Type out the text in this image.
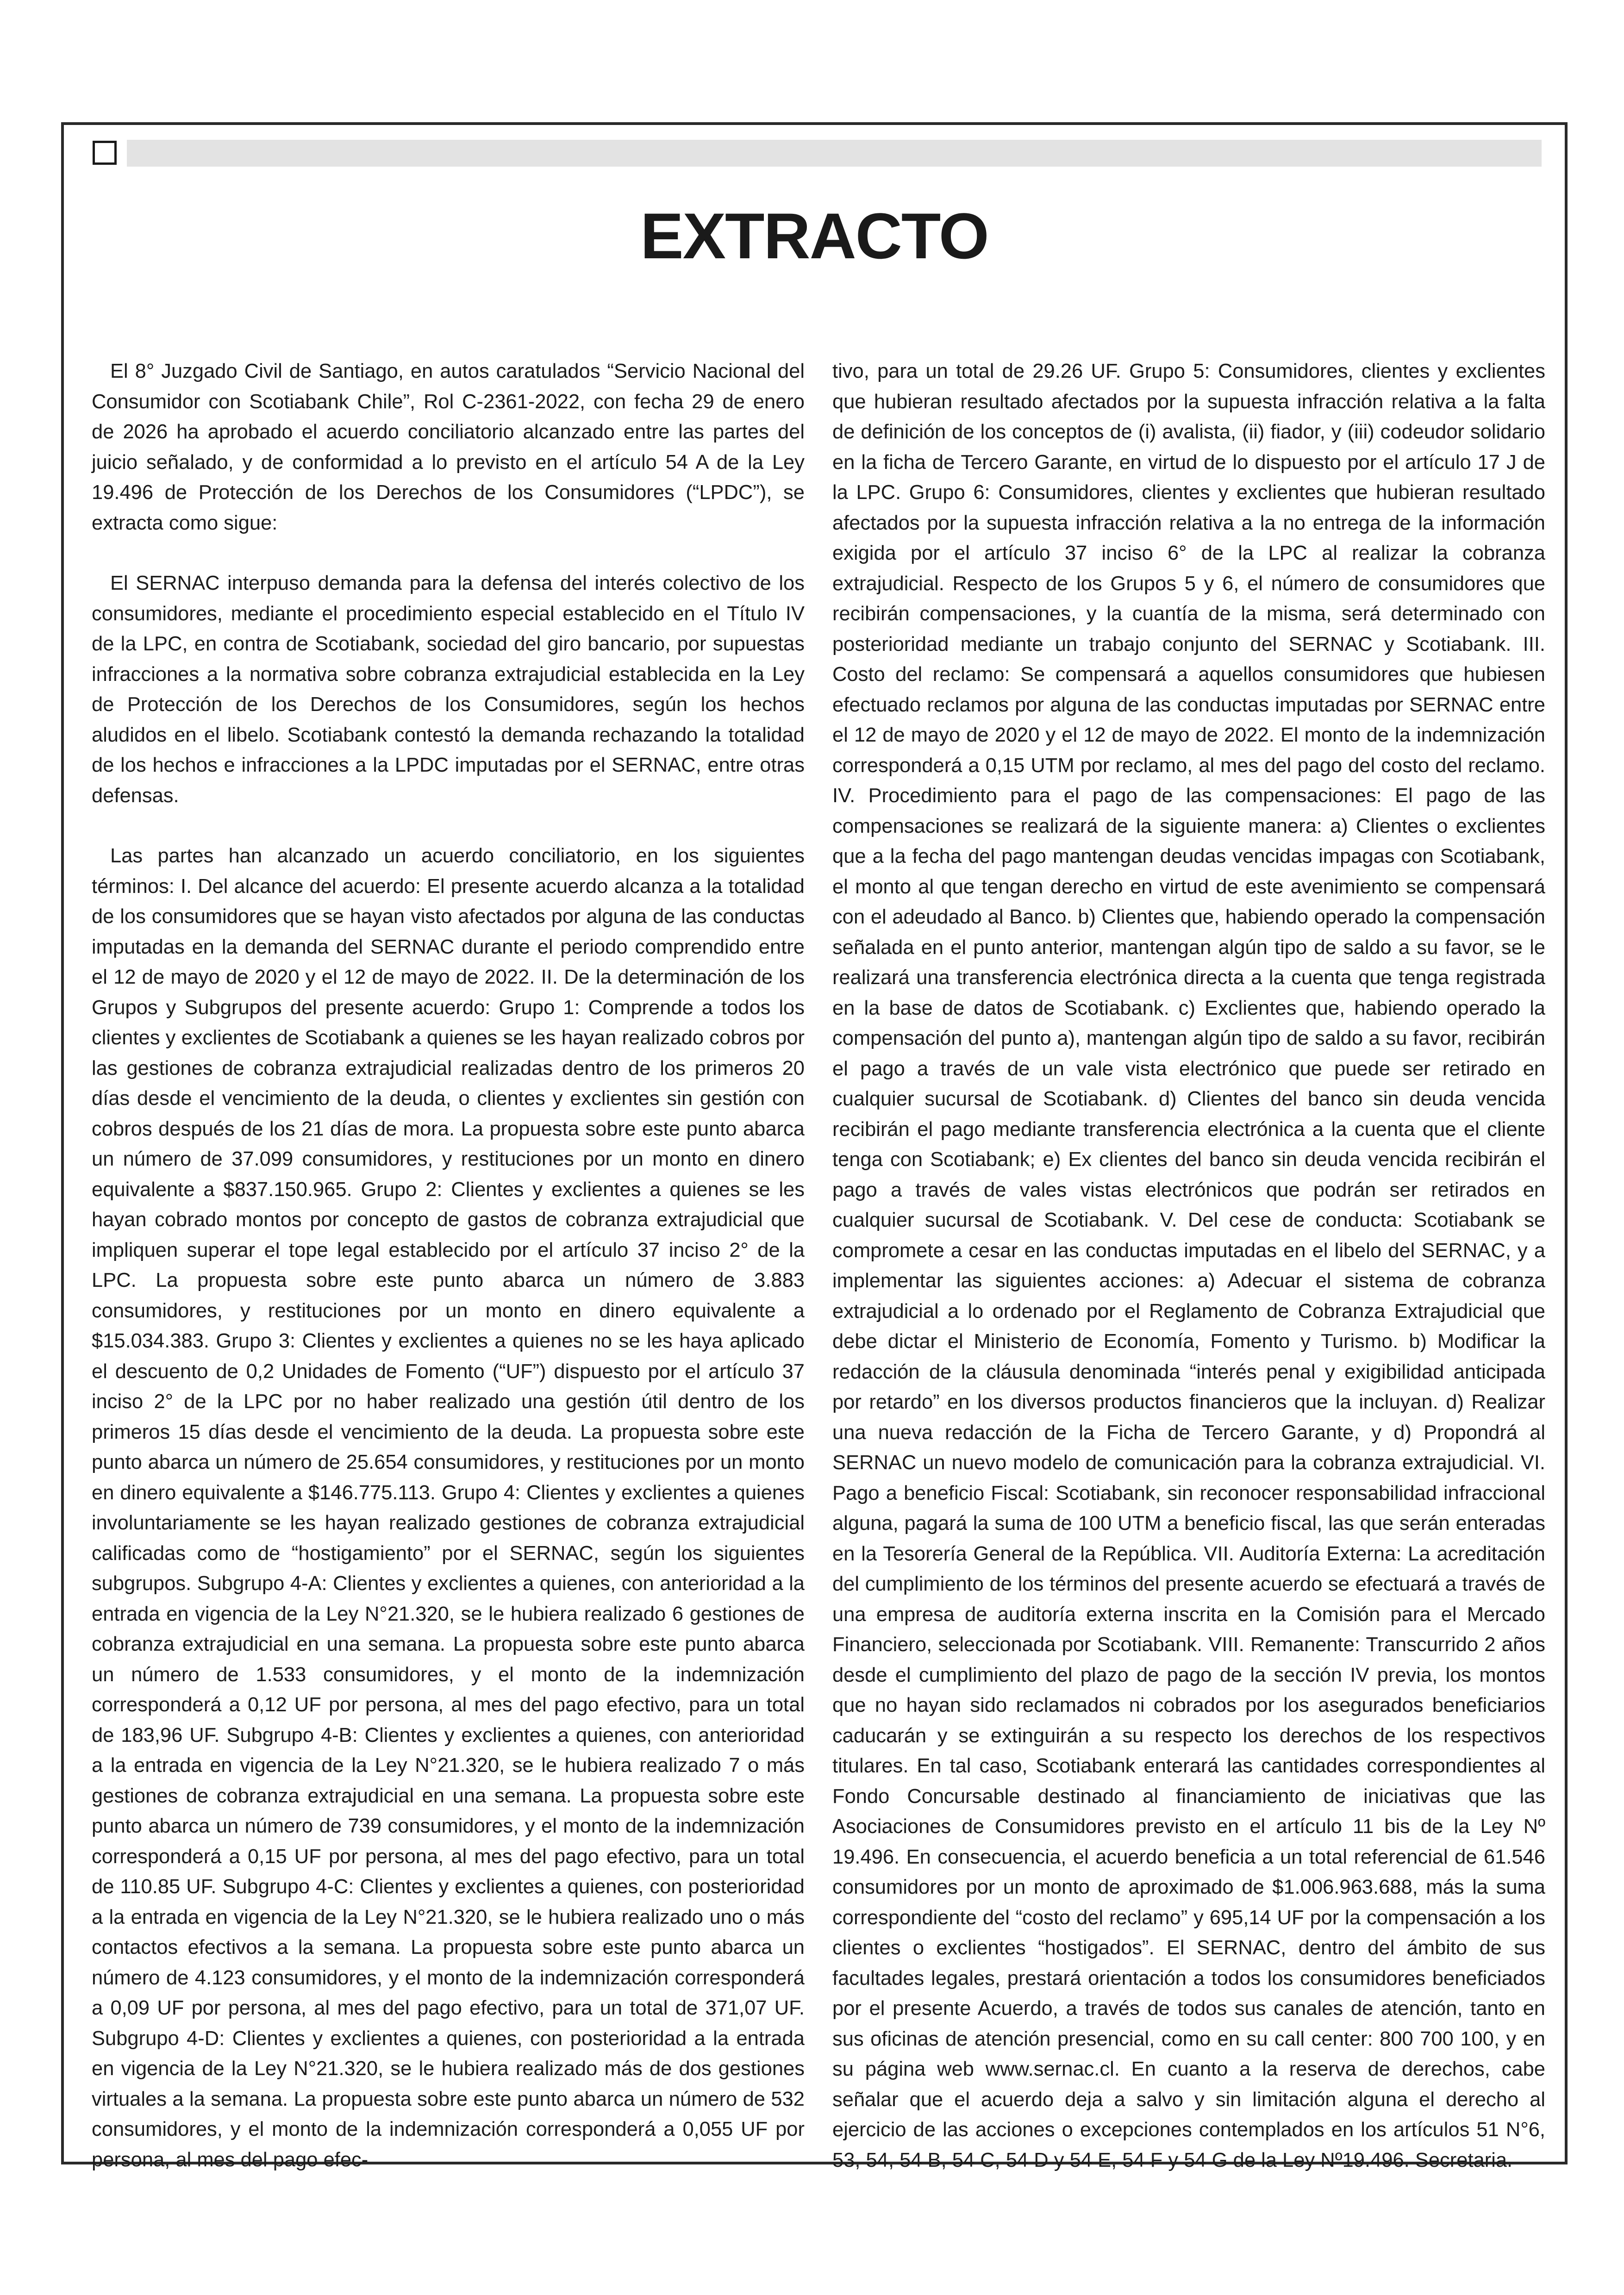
EXTRACTO

El 8° Juzgado Civil de Santiago, en autos caratulados “Servicio Nacional del Consumidor con Scotiabank Chile”, Rol C-2361-2022, con fecha 29 de enero de 2026 ha aprobado el acuerdo conciliatorio alcanzado entre las partes del juicio señalado, y de conformidad a lo previsto en el artículo 54 A de la Ley 19.496 de Protección de los Derechos de los Consumidores (“LPDC”), se extracta como sigue:

El SERNAC interpuso demanda para la defensa del interés colectivo de los consumidores, mediante el procedimiento especial establecido en el Título IV de la LPC, en contra de Scotiabank, sociedad del giro bancario, por supuestas infracciones a la normativa sobre cobranza extrajudicial establecida en la Ley de Protección de los Derechos de los Consumidores, según los hechos aludidos en el libelo. Scotiabank contestó la demanda rechazando la totalidad de los hechos e infracciones a la LPDC imputadas por el SERNAC, entre otras defensas.

Las partes han alcanzado un acuerdo conciliatorio, en los siguientes términos: I. Del alcance del acuerdo: El presente acuerdo alcanza a la totalidad de los consumidores que se hayan visto afectados por alguna de las conductas imputadas en la demanda del SERNAC durante el periodo comprendido entre el 12 de mayo de 2020 y el 12 de mayo de 2022. II. De la determinación de los Grupos y Subgrupos del presente acuerdo: Grupo 1: Comprende a todos los clientes y exclientes de Scotiabank a quienes se les hayan realizado cobros por las gestiones de cobranza extrajudicial realizadas dentro de los primeros 20 días desde el vencimiento de la deuda, o clientes y exclientes sin gestión con cobros después de los 21 días de mora. La propuesta sobre este punto abarca un número de 37.099 consumidores, y restituciones por un monto en dinero equivalente a $837.150.965. Grupo 2: Clientes y exclientes a quienes se les hayan cobrado montos por concepto de gastos de cobranza extrajudicial que impliquen superar el tope legal establecido por el artículo 37 inciso 2° de la LPC. La propuesta sobre este punto abarca un número de 3.883 consumidores, y restituciones por un monto en dinero equivalente a $15.034.383. Grupo 3: Clientes y exclientes a quienes no se les haya aplicado el descuento de 0,2 Unidades de Fomento (“UF”) dispuesto por el artículo 37 inciso 2° de la LPC por no haber realizado una gestión útil dentro de los primeros 15 días desde el vencimiento de la deuda. La propuesta sobre este punto abarca un número de 25.654 consumidores, y restituciones por un monto en dinero equivalente a $146.775.113. Grupo 4: Clientes y exclientes a quienes involuntariamente se les hayan realizado gestiones de cobranza extrajudicial calificadas como de “hostigamiento” por el SERNAC, según los siguientes subgrupos. Subgrupo 4-A: Clientes y exclientes a quienes, con anterioridad a la entrada en vigencia de la Ley N°21.320, se le hubiera realizado 6 gestiones de cobranza extrajudicial en una semana. La propuesta sobre este punto abarca un número de 1.533 consumidores, y el monto de la indemnización corresponderá a 0,12 UF por persona, al mes del pago efectivo, para un total de 183,96 UF. Subgrupo 4-B: Clientes y exclientes a quienes, con anterioridad a la entrada en vigencia de la Ley N°21.320, se le hubiera realizado 7 o más gestiones de cobranza extrajudicial en una semana. La propuesta sobre este punto abarca un número de 739 consumidores, y el monto de la indemnización corresponderá a 0,15 UF por persona, al mes del pago efectivo, para un total de 110.85 UF. Subgrupo 4-C: Clientes y exclientes a quienes, con posterioridad a la entrada en vigencia de la Ley N°21.320, se le hubiera realizado uno o más contactos efectivos a la semana. La propuesta sobre este punto abarca un número de 4.123 consumidores, y el monto de la indemnización corresponderá a 0,09 UF por persona, al mes del pago efectivo, para un total de 371,07 UF. Subgrupo 4-D: Clientes y exclientes a quienes, con posterioridad a la entrada en vigencia de la Ley N°21.320, se le hubiera realizado más de dos gestiones virtuales a la semana. La propuesta sobre este punto abarca un número de 532 consumidores, y el monto de la indemnización corresponderá a 0,055 UF por persona, al mes del pago efec-

tivo, para un total de 29.26 UF. Grupo 5: Consumidores, clientes y exclientes que hubieran resultado afectados por la supuesta infracción relativa a la falta de definición de los conceptos de (i) avalista, (ii) fiador, y (iii) codeudor solidario en la ficha de Tercero Garante, en virtud de lo dispuesto por el artículo 17 J de la LPC. Grupo 6: Consumidores, clientes y exclientes que hubieran resultado afectados por la supuesta infracción relativa a la no entrega de la información exigida por el artículo 37 inciso 6° de la LPC al realizar la cobranza extrajudicial. Respecto de los Grupos 5 y 6, el número de consumidores que recibirán compensaciones, y la cuantía de la misma, será determinado con posterioridad mediante un trabajo conjunto del SERNAC y Scotiabank. III. Costo del reclamo: Se compensará a aquellos consumidores que hubiesen efectuado reclamos por alguna de las conductas imputadas por SERNAC entre el 12 de mayo de 2020 y el 12 de mayo de 2022. El monto de la indemnización corresponderá a 0,15 UTM por reclamo, al mes del pago del costo del reclamo. IV. Procedimiento para el pago de las compensaciones: El pago de las compensaciones se realizará de la siguiente manera: a) Clientes o exclientes que a la fecha del pago mantengan deudas vencidas impagas con Scotiabank, el monto al que tengan derecho en virtud de este avenimiento se compensará con el adeudado al Banco. b) Clientes que, habiendo operado la compensación señalada en el punto anterior, mantengan algún tipo de saldo a su favor, se le realizará una transferencia electrónica directa a la cuenta que tenga registrada en la base de datos de Scotiabank. c) Exclientes que, habiendo operado la compensación del punto a), mantengan algún tipo de saldo a su favor, recibirán el pago a través de un vale vista electrónico que puede ser retirado en cualquier sucursal de Scotiabank. d) Clientes del banco sin deuda vencida recibirán el pago mediante transferencia electrónica a la cuenta que el cliente tenga con Scotiabank; e) Ex clientes del banco sin deuda vencida recibirán el pago a través de vales vistas electrónicos que podrán ser retirados en cualquier sucursal de Scotiabank. V. Del cese de conducta: Scotiabank se compromete a cesar en las conductas imputadas en el libelo del SERNAC, y a implementar las siguientes acciones: a) Adecuar el sistema de cobranza extrajudicial a lo ordenado por el Reglamento de Cobranza Extrajudicial que debe dictar el Ministerio de Economía, Fomento y Turismo. b) Modificar la redacción de la cláusula denominada “interés penal y exigibilidad anticipada por retardo” en los diversos productos financieros que la incluyan. d) Realizar una nueva redacción de la Ficha de Tercero Garante, y d) Propondrá al SERNAC un nuevo modelo de comunicación para la cobranza extrajudicial. VI. Pago a beneficio Fiscal: Scotiabank, sin reconocer responsabilidad infraccional alguna, pagará la suma de 100 UTM a beneficio fiscal, las que serán enteradas en la Tesorería General de la República. VII. Auditoría Externa: La acreditación del cumplimiento de los términos del presente acuerdo se efectuará a través de una empresa de auditoría externa inscrita en la Comisión para el Mercado Financiero, seleccionada por Scotiabank. VIII. Remanente: Transcurrido 2 años desde el cumplimiento del plazo de pago de la sección IV previa, los montos que no hayan sido reclamados ni cobrados por los asegurados beneficiarios caducarán y se extinguirán a su respecto los derechos de los respectivos titulares. En tal caso, Scotiabank enterará las cantidades correspondientes al Fondo Concursable destinado al financiamiento de iniciativas que las Asociaciones de Consumidores previsto en el artículo 11 bis de la Ley Nº 19.496. En consecuencia, el acuerdo beneficia a un total referencial de 61.546 consumidores por un monto de aproximado de $1.006.963.688, más la suma correspondiente del “costo del reclamo” y 695,14 UF por la compensación a los clientes o exclientes “hostigados”. El SERNAC, dentro del ámbito de sus facultades legales, prestará orientación a todos los consumidores beneficiados por el presente Acuerdo, a través de todos sus canales de atención, tanto en sus oficinas de atención presencial, como en su call center: 800 700 100, y en su página web www.sernac.cl. En cuanto a la reserva de derechos, cabe señalar que el acuerdo deja a salvo y sin limitación alguna el derecho al ejercicio de las acciones o excepciones contemplados en los artículos 51 N°6, 53, 54, 54 B, 54 C, 54 D y 54 E, 54 F y 54 G de la Ley Nº19.496. Secretaria.
